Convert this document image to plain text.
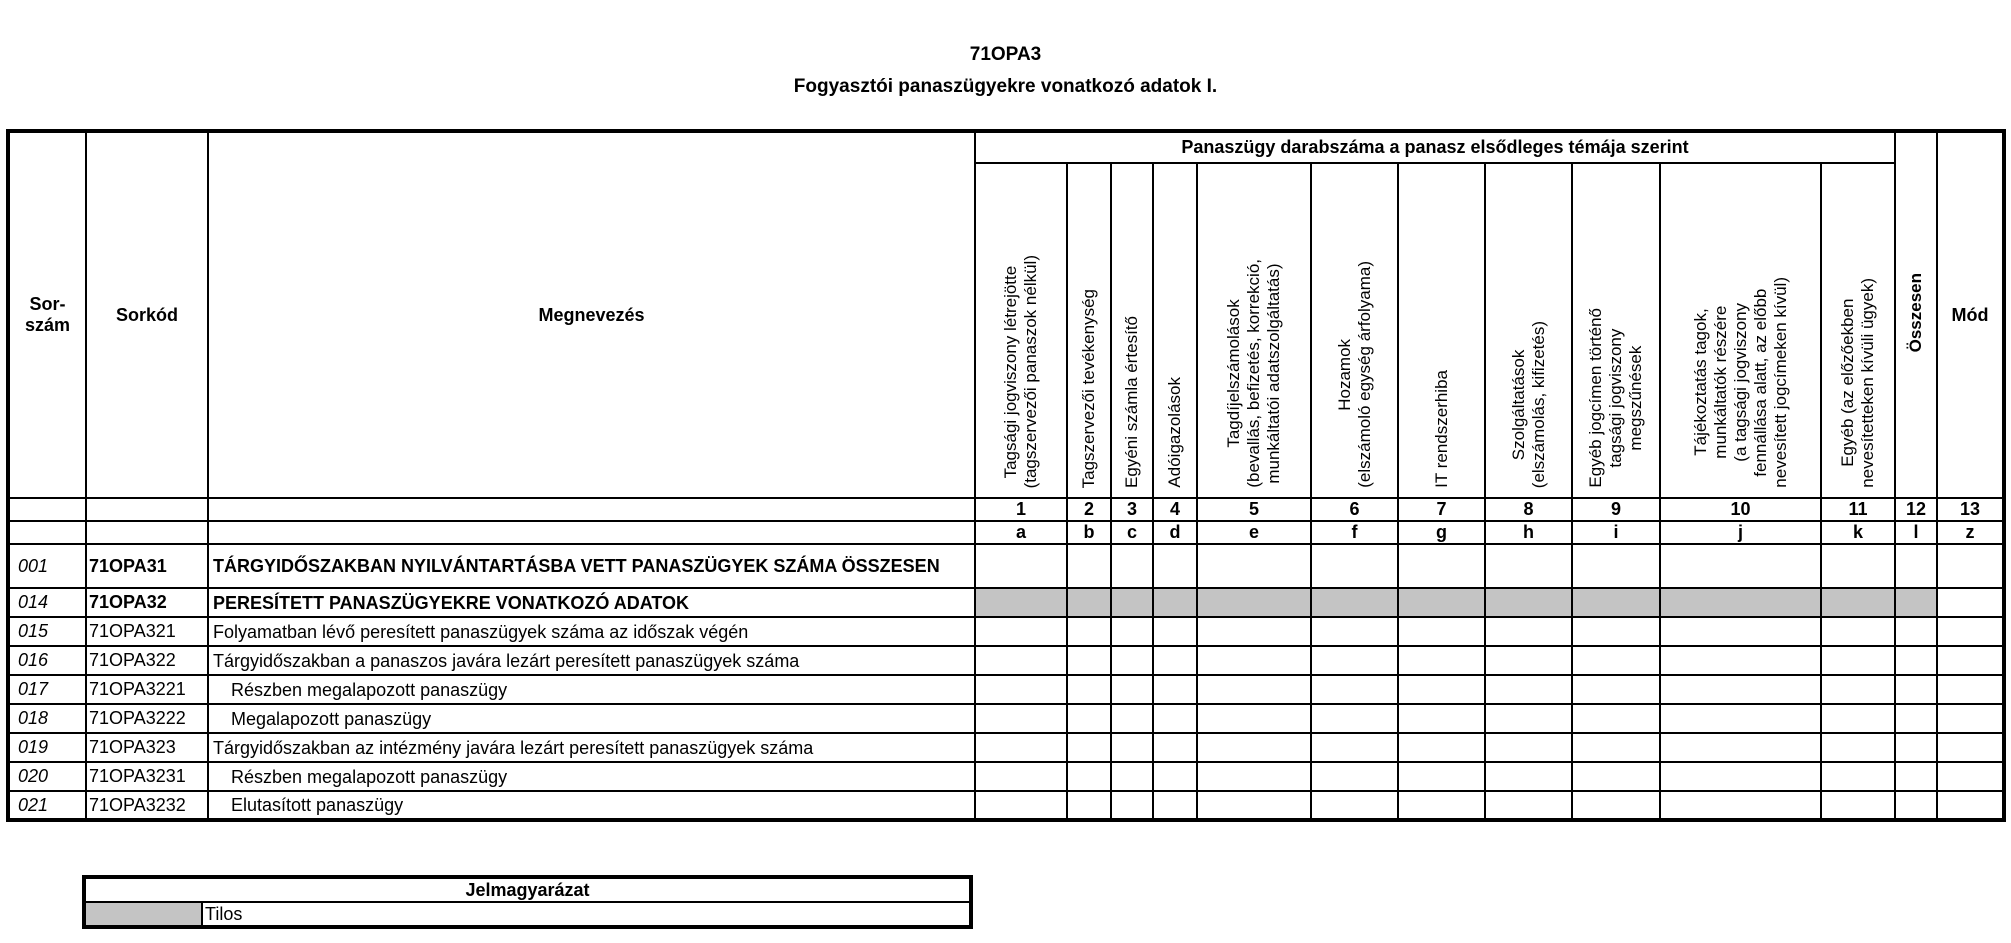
71OPA3
Fogyasztói panaszügyekre vonatkozó adatok I.
Sor-
szám	Sorkód	Megnevezés	Panaszügy darabszáma a panasz elsődleges témája szerint											Összesen	Mód

			Tagsági jogviszony létrejötte (tagszervezői panaszok nélkül)	Tagszervezői tevékenység	Egyéni számla értesítő	Adóigazolások	Tagdíjelszámolások (bevallás, befizetés, korrekció, munkáltatói adatszolgáltatás)	Hozamok (elszámoló egység árfolyama)	IT rendszerhiba	Szolgáltatások (elszámolás, kifizetés)	Egyéb jogcímen történő tagsági jogviszony megszűnések	Tájékoztatás tagok, munkáltatók részére (a tagsági jogviszony fennállása alatt, az előbb nevesített jogcímeken kívül)	Egyéb (az előzőekben nevesítetteken kívüli ügyek)		

			1	2	3	4	5	6	7	8	9	10	11	12	13
			a	b	c	d	e	f	g	h	i	j	k	l	z
001	71OPA31	TÁRGYIDŐSZAKBAN NYILVÁNTARTÁSBA VETT PANASZÜGYEK SZÁMA ÖSSZESEN													
014	71OPA32	PERESÍTETT PANASZÜGYEKRE VONATKOZÓ ADATOK													
015	71OPA321	Folyamatban lévő peresített panaszügyek száma az időszak végén													
016	71OPA322	Tárgyidőszakban a panaszos javára lezárt peresített panaszügyek száma													
017	71OPA3221	Részben megalapozott panaszügy													
018	71OPA3222	Megalapozott panaszügy													
019	71OPA323	Tárgyidőszakban az intézmény javára lezárt peresített panaszügyek száma													
020	71OPA3231	Részben megalapozott panaszügy													
021	71OPA3232	Elutasított panaszügy													
Jelmagyarázat
	Tilos
